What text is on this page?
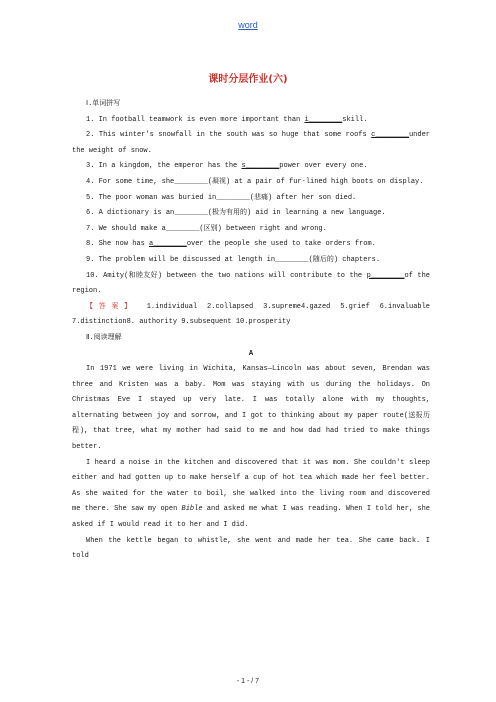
word
课时分层作业(六)

Ⅰ.单词拼写

1. In football teamwork is even more important than i________skill.

2. This winter's snowfall in the south was so huge that some roofs c________under the weight of snow.

3. In a kingdom, the emperor has the s________power over every one.

4. For some time, she________(凝视) at a pair of fur-lined high boots on display.

5. The poor woman was buried in________(悲痛) after her son died.

6. A dictionary is an________(极为有用的) aid in learning a new language.

7. We should make a________(区别) between right and wrong.

8. She now has a________over the people she used to take orders from.

9. The problem will be discussed at length in________(随后的) chapters.

10. Amity(和睦友好) between the two nations will contribute to the p________of the region.

【答案】 1.individual 2.collapsed 3.supreme4.gazed 5.grief 6.invaluable 7.distinction8. authority 9.subsequent 10.prosperity

Ⅱ.阅读理解

A

In 1971 we were living in Wichita, Kansas—Lincoln was about seven, Brendan was three and Kristen was a baby. Mom was staying with us during the holidays. On Christmas Eve I stayed up very late. I was totally alone with my thoughts, alternating between joy and sorrow, and I got to thinking about my paper route(送报历程), that tree, what my mother had said to me and how dad had tried to make things better.

I heard a noise in the kitchen and discovered that it was mom. She couldn't sleep either and had gotten up to make herself a cup of hot tea which made her feel better. As she waited for the water to boil, she walked into the living room and discovered me there. She saw my open Bible and asked me what I was reading. When I told her, she asked if I would read it to her and I did.

When the kettle began to whistle, she went and made her tea. She came back. I told

- 1 - / 7
